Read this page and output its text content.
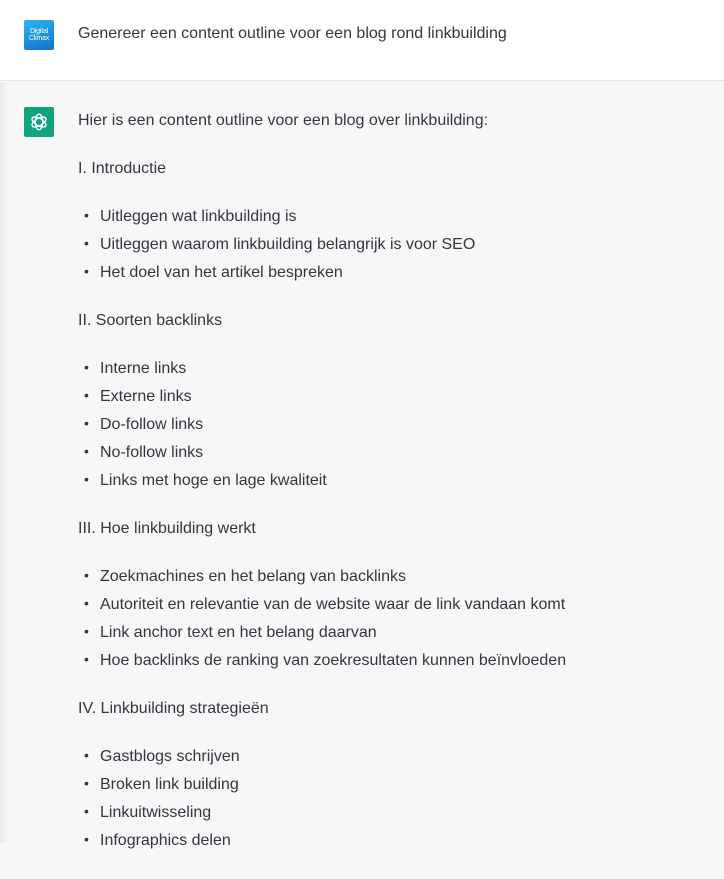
Digital
Climax Genereer een content outline voor een blog rond linkbuilding

Hier is een content outline voor een blog over linkbuilding:

I. Introductie

• Uitleggen wat linkbuilding is
• Uitleggen waarom linkbuilding belangrijk is voor SEO
• Het doel van het artikel bespreken

II. Soorten backlinks

• Interne links
• Externe links
• Do-follow links
• No-follow links
• Links met hoge en lage kwaliteit

III. Hoe linkbuilding werkt

• Zoekmachines en het belang van backlinks
• Autoriteit en relevantie van de website waar de link vandaan komt
• Link anchor text en het belang daarvan
• Hoe backlinks de ranking van zoekresultaten kunnen beïnvloeden

IV. Linkbuilding strategieën

• Gastblogs schrijven
• Broken link building
• Linkuitwisseling
• Infographics delen
